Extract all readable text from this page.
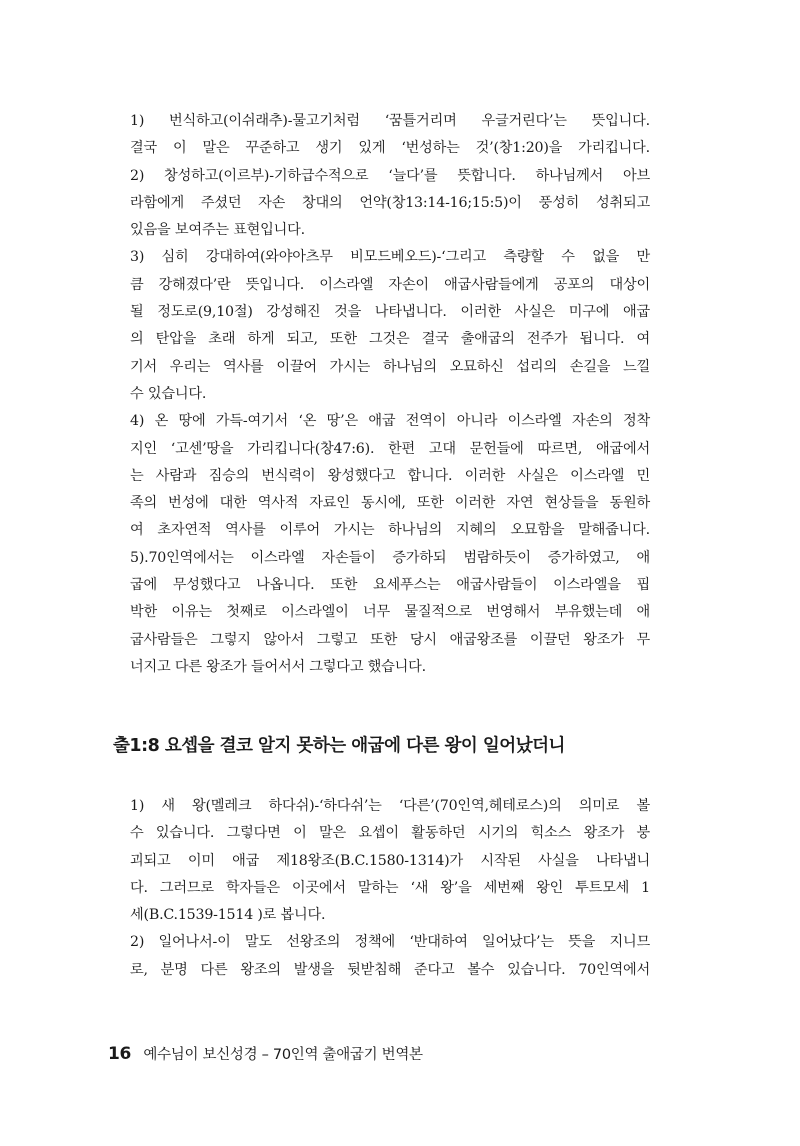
1) 번식하고(이쉬래추)-물고기처럼 ‘꿈틀거리며 우글거린다’는 뜻입니다.
결국 이 말은 꾸준하고 생기 있게 ‘번성하는 것’(창1:20)을 가리킵니다.
2) 창성하고(이르부)-기하급수적으로 ‘늘다’를 뜻합니다. 하나님께서 아브
라함에게 주셨던 자손 창대의 언약(창13:14-16;15:5)이 풍성히 성취되고
있음을 보여주는 표현입니다.
3) 심히 강대하여(와야아츠무 비모드베오드)-‘그리고 측량할 수 없을 만
큼 강해졌다’란 뜻입니다. 이스라엘 자손이 애굽사람들에게 공포의 대상이
될 정도로(9,10절) 강성해진 것을 나타냅니다. 이러한 사실은 미구에 애굽
의 탄압을 초래 하게 되고, 또한 그것은 결국 출애굽의 전주가 됩니다. 여
기서 우리는 역사를 이끌어 가시는 하나님의 오묘하신 섭리의 손길을 느낄
수 있습니다.
4) 온 땅에 가득-여기서 ‘온 땅’은 애굽 전역이 아니라 이스라엘 자손의 정착
지인 ‘고센’땅을 가리킵니다(창47:6). 한편 고대 문헌들에 따르면, 애굽에서
는 사람과 짐승의 번식력이 왕성했다고 합니다. 이러한 사실은 이스라엘 민
족의 번성에 대한 역사적 자료인 동시에, 또한 이러한 자연 현상들을 동원하
여 초자연적 역사를 이루어 가시는 하나님의 지혜의 오묘함을 말해줍니다.
5).70인역에서는 이스라엘 자손들이 증가하되 범람하듯이 증가하였고, 애
굽에 무성했다고 나옵니다. 또한 요세푸스는 애굽사람들이 이스라엘을 핍
박한 이유는 첫째로 이스라엘이 너무 물질적으로 번영해서 부유했는데 애
굽사람들은 그렇지 않아서 그렇고 또한 당시 애굽왕조를 이끌던 왕조가 무
너지고 다른 왕조가 들어서서 그렇다고 했습니다.
출1:8 요셉을 결코 알지 못하는 애굽에 다른 왕이 일어났더니
1) 새 왕(멜레크 하다쉬)-‘하다쉬’는 ‘다른’(70인역,헤테로스)의 의미로 볼
수 있습니다. 그렇다면 이 말은 요셉이 활동하던 시기의 힉소스 왕조가 붕
괴되고 이미 애굽 제18왕조(B.C.1580-1314)가 시작된 사실을 나타냅니
다. 그러므로 학자들은 이곳에서 말하는 ‘새 왕’을 세번째 왕인 투트모세 1
세(B.C.1539-1514 )로 봅니다.
2) 일어나서-이 말도 선왕조의 정책에 ‘반대하여 일어났다’는 뜻을 지니므
로, 분명 다른 왕조의 발생을 뒷받침해 준다고 볼수 있습니다. 70인역에서
16 예수님이 보신성경 – 70인역 출애굽기 번역본
